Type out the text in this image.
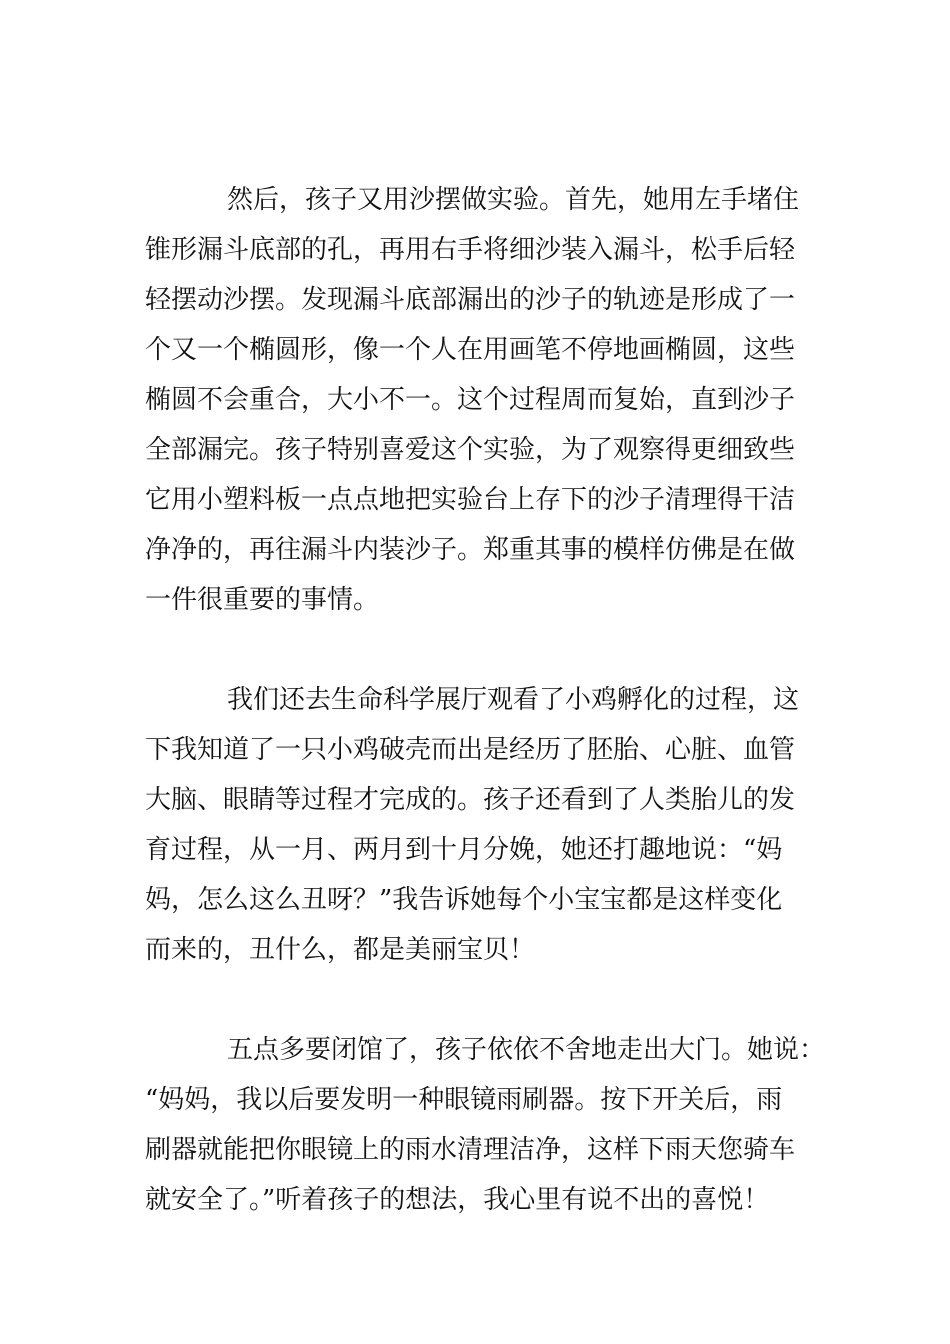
然后，孩子又用沙摆做实验。首先，她用左手堵住
锥形漏斗底部的孔，再用右手将细沙装入漏斗，松手后轻
轻摆动沙摆。发现漏斗底部漏出的沙子的轨迹是形成了一
个又一个椭圆形，像一个人在用画笔不停地画椭圆，这些
椭圆不会重合，大小不一。这个过程周而复始，直到沙子
全部漏完。孩子特别喜爱这个实验，为了观察得更细致些
它用小塑料板一点点地把实验台上存下的沙子清理得干洁
净净的，再往漏斗内装沙子。郑重其事的模样仿佛是在做
一件很重要的事情。

我们还去生命科学展厅观看了小鸡孵化的过程，这
下我知道了一只小鸡破壳而出是经历了胚胎、心脏、血管
大脑、眼睛等过程才完成的。孩子还看到了人类胎儿的发
育过程，从一月、两月到十月分娩，她还打趣地说：“妈
妈，怎么这么丑呀？”我告诉她每个小宝宝都是这样变化
而来的，丑什么，都是美丽宝贝！

五点多要闭馆了，孩子依依不舍地走出大门。她说：
“妈妈，我以后要发明一种眼镜雨刷器。按下开关后，雨
刷器就能把你眼镜上的雨水清理洁净，这样下雨天您骑车
就安全了。”听着孩子的想法，我心里有说不出的喜悦！
